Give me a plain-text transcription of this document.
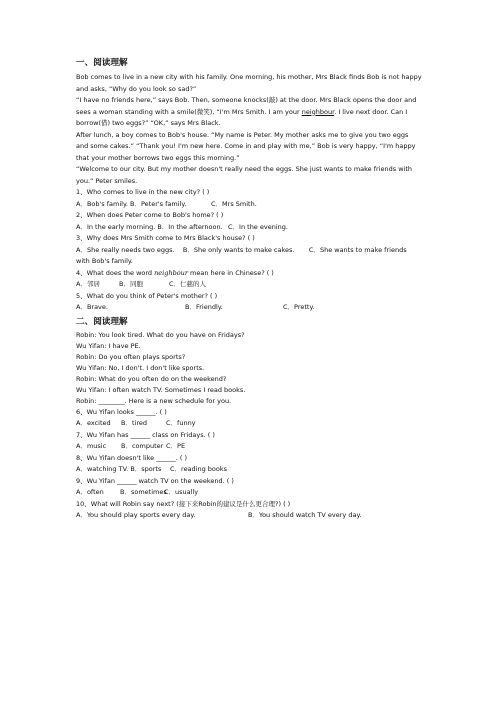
一、阅读理解

Bob comes to live in a new city with his family. One morning, his mother, Mrs Black finds Bob is not happy and asks, “Why do you look so sad?”

“I have no friends here,” says Bob. Then, someone knocks(敲) at the door. Mrs Black opens the door and sees a woman standing with a smile(微笑), “I'm Mrs Smith. I am your neighbour. I live next door. Can I borrow(借) two eggs?” “OK,” says Mrs Black.

After lunch, a boy comes to Bob's house. “My name is Peter. My mother asks me to give you two eggs and some cakes.” “Thank you! I'm new here. Come in and play with me,” Bob is very happy, “I'm happy that your mother borrows two eggs this morning.”

“Welcome to our city. But my mother doesn't really need the eggs. She just wants to make friends with you.” Peter smiles.

1、Who comes to live in the new city? ( )

A．Bob's family. B．Peter's family.	C．Mrs Smith.

2、When does Peter come to Bob's home? ( )

A．In the early morning. B．In the afternoon. C．In the evening.

3、Why does Mrs Smith come to Mrs Black's house? ( )

A．She really needs two eggs. B．She only wants to make cakes. C．She wants to make friends with Bob's family.

4、What does the word neighbour mean here in Chinese? ( )

A．邻居	B．同胞	C．仁慈的人

5、What do you think of Peter's mother? ( )

A．Brave.	B．Friendly.	C．Pretty.
二、阅读理解

Robin: You look tired. What do you have on Fridays?

Wu Yifan: I have PE.

Robin: Do you often plays sports?

Wu Yifan: No, I don't. I don't like sports.

Robin: What do you often do on the weekend?

Wu Yifan: I often watch TV. Sometimes I read books.

Robin: ________. Here is a new schedule for you.

6、Wu Yifan looks ______. ( )

A．excited	B．tired	C．funny

7、Wu Yifan has ______ class on Fridays. ( )

A．music	B．computer C．PE

8、Wu Yifan doesn't like ______. ( )

A．watching TV. B．sports	C．reading books

9、Wu Yifan ______ watch TV on the weekend. ( )

A．often	B．sometimes
C．usually

10、What will Robin say next? (接下来Robin的建议是什么更合理?) ( )

A．You should play sports every day.	B．You should watch TV every day.
